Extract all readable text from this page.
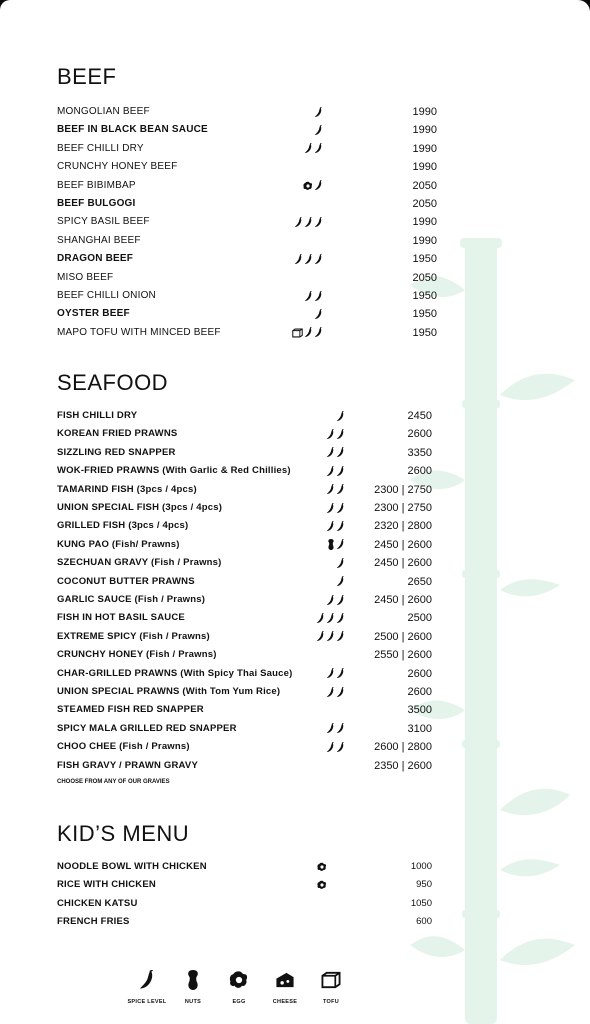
BEEF
MONGOLIAN BEEF	1990
BEEF IN BLACK BEAN SAUCE	1990
BEEF CHILLI DRY	1990
CRUNCHY HONEY BEEF	1990
BEEF BIBIMBAP	2050
BEEF BULGOGI	2050
SPICY BASIL BEEF	1990
SHANGHAI BEEF	1990
DRAGON BEEF	1950
MISO BEEF	2050
BEEF CHILLI ONION	1950
OYSTER BEEF	1950
MAPO TOFU WITH MINCED BEEF	1950
SEAFOOD
FISH CHILLI DRY	2450
KOREAN FRIED PRAWNS	2600
SIZZLING RED SNAPPER	3350
WOK-FRIED PRAWNS (With Garlic & Red Chillies)	2600
TAMARIND FISH (3pcs / 4pcs)	2300 | 2750
UNION SPECIAL FISH (3pcs / 4pcs)	2300 | 2750
GRILLED FISH (3pcs / 4pcs)	2320 | 2800
KUNG PAO (Fish/ Prawns)	2450 | 2600
SZECHUAN GRAVY (Fish / Prawns)	2450 | 2600
COCONUT BUTTER PRAWNS	2650
GARLIC SAUCE (Fish / Prawns)	2450 | 2600
FISH IN HOT BASIL SAUCE	2500
EXTREME SPICY (Fish / Prawns)	2500 | 2600
CRUNCHY HONEY (Fish / Prawns)	2550 | 2600
CHAR-GRILLED PRAWNS (With Spicy Thai Sauce)	2600
UNION SPECIAL PRAWNS (With Tom Yum Rice)	2600
STEAMED FISH RED SNAPPER	3500
SPICY MALA GRILLED RED SNAPPER	3100
CHOO CHEE (Fish / Prawns)	2600 | 2800
FISH GRAVY / PRAWN GRAVY	2350 | 2600
CHOOSE FROM ANY OF OUR GRAVIES
KID’S MENU
NOODLE BOWL WITH CHICKEN	1000
RICE WITH CHICKEN	950
CHICKEN KATSU	1050
FRENCH FRIES	600
SPICE LEVEL	NUTS	EGG	CHEESE	TOFU
